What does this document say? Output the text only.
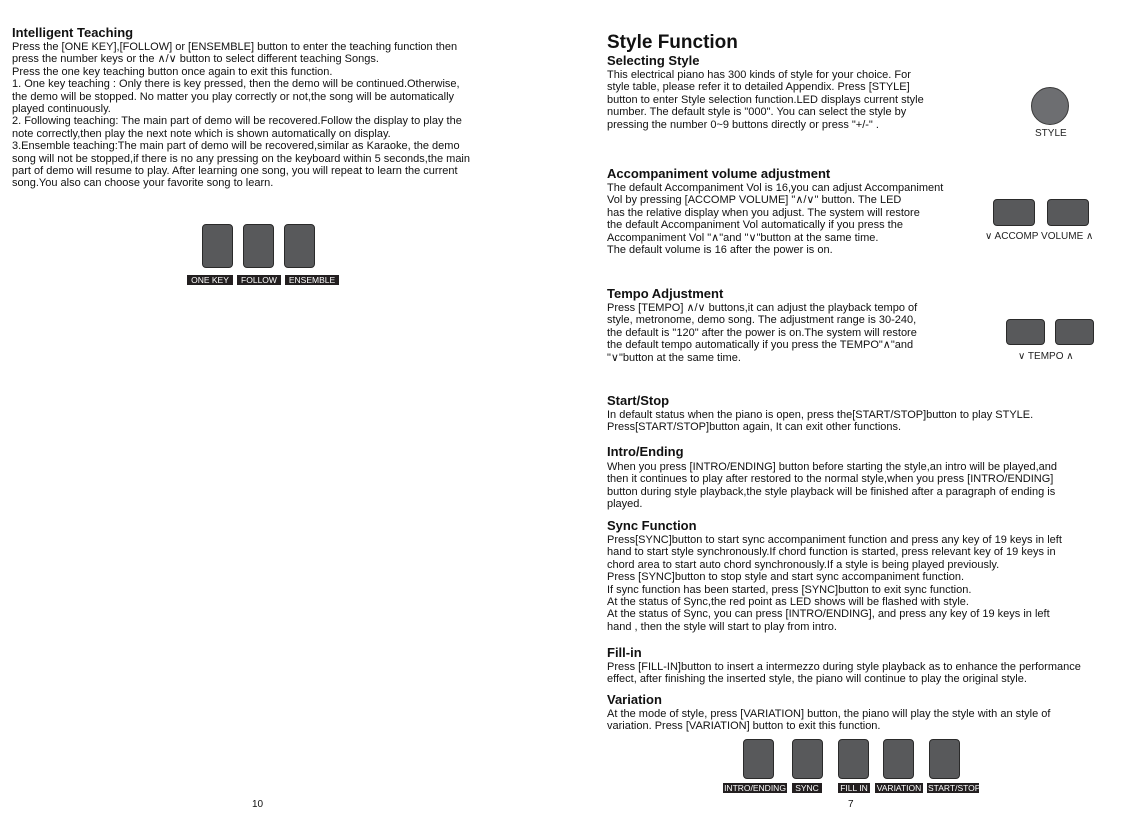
Intelligent Teaching

Press the [ONE KEY],[FOLLOW] or [ENSEMBLE] button to enter the teaching function then
press the number keys or the ∧/∨ button to select different teaching Songs.
Press the one key teaching button once again to exit this function.
1. One key teaching : Only there is key pressed, then the demo will be continued.Otherwise,
the demo will be stopped. No matter you play correctly or not,the song will be automatically
played continuously.
2. Following teaching: The main part of demo will be recovered.Follow the display to play the
note correctly,then play the next note which is shown automatically on display.
3.Ensemble teaching:The main part of demo will be recovered,similar as Karaoke, the demo
song will not be stopped,if there is no any pressing on the keyboard within 5 seconds,the main
part of demo will resume to play. After learning one song, you will repeat to learn the current
song.You also can choose your favorite song to learn.

ONE KEY	FOLLOW	ENSEMBLE
10
Style Function
Selecting Style

This electrical piano has 300 kinds of style for your choice. For
style table, please refer it to detailed Appendix. Press [STYLE]
button to enter Style selection function.LED displays current style
number. The default style is "000". You can select the style by
pressing the number 0~9 buttons directly or press "+/-" .

STYLE
Accompaniment volume adjustment

The default Accompaniment Vol is 16,you can adjust Accompaniment
Vol by pressing [ACCOMP VOLUME] "∧/∨" button. The LED
has the relative display when you adjust. The system will restore
the default Accompaniment Vol automatically if you press the
Accompaniment Vol "∧"and "∨"button at the same time.
The default volume is 16 after the power is on.

∨ ACCOMP VOLUME ∧
Tempo Adjustment

Press [TEMPO] ∧/∨ buttons,it can adjust the playback tempo of
style, metronome, demo song. The adjustment range is 30-240,
the default is "120" after the power is on.The system will restore
the default tempo automatically if you press the TEMPO"∧"and
"∨"button at the same time.	∨ TEMPO ∧
Start/Stop

In default status when the piano is open, press the[START/STOP]button to play STYLE.
Press[START/STOP]button again, It can exit other functions.

Intro/Ending

When you press [INTRO/ENDING] button before starting the style,an intro will be played,and
then it continues to play after restored to the normal style,when you press [INTRO/ENDING]
button during style playback,the style playback will be finished after a paragraph of ending is
played.

Sync Function

Press[SYNC]button to start sync accompaniment function and press any key of 19 keys in left
hand to start style synchronously.If chord function is started, press relevant key of 19 keys in
chord area to start auto chord synchronously.If a style is being played previously.
Press [SYNC]button to stop style and start sync accompaniment function.
If sync function has been started, press [SYNC]button to exit sync function.
At the status of Sync,the red point as LED shows will be flashed with style.
At the status of Sync, you can press [INTRO/ENDING], and press any key of 19 keys in left
hand , then the style will start to play from intro.

Fill-in

Press [FILL-IN]button to insert a intermezzo during style playback as to enhance the performance
effect, after finishing the inserted style, the piano will continue to play the original style.

Variation

At the mode of style, press [VARIATION] button, the piano will play the style with an style of
variation. Press [VARIATION] button to exit this function.

INTRO/ENDING	SYNC	FILL IN VARIATION START/STOP
7
